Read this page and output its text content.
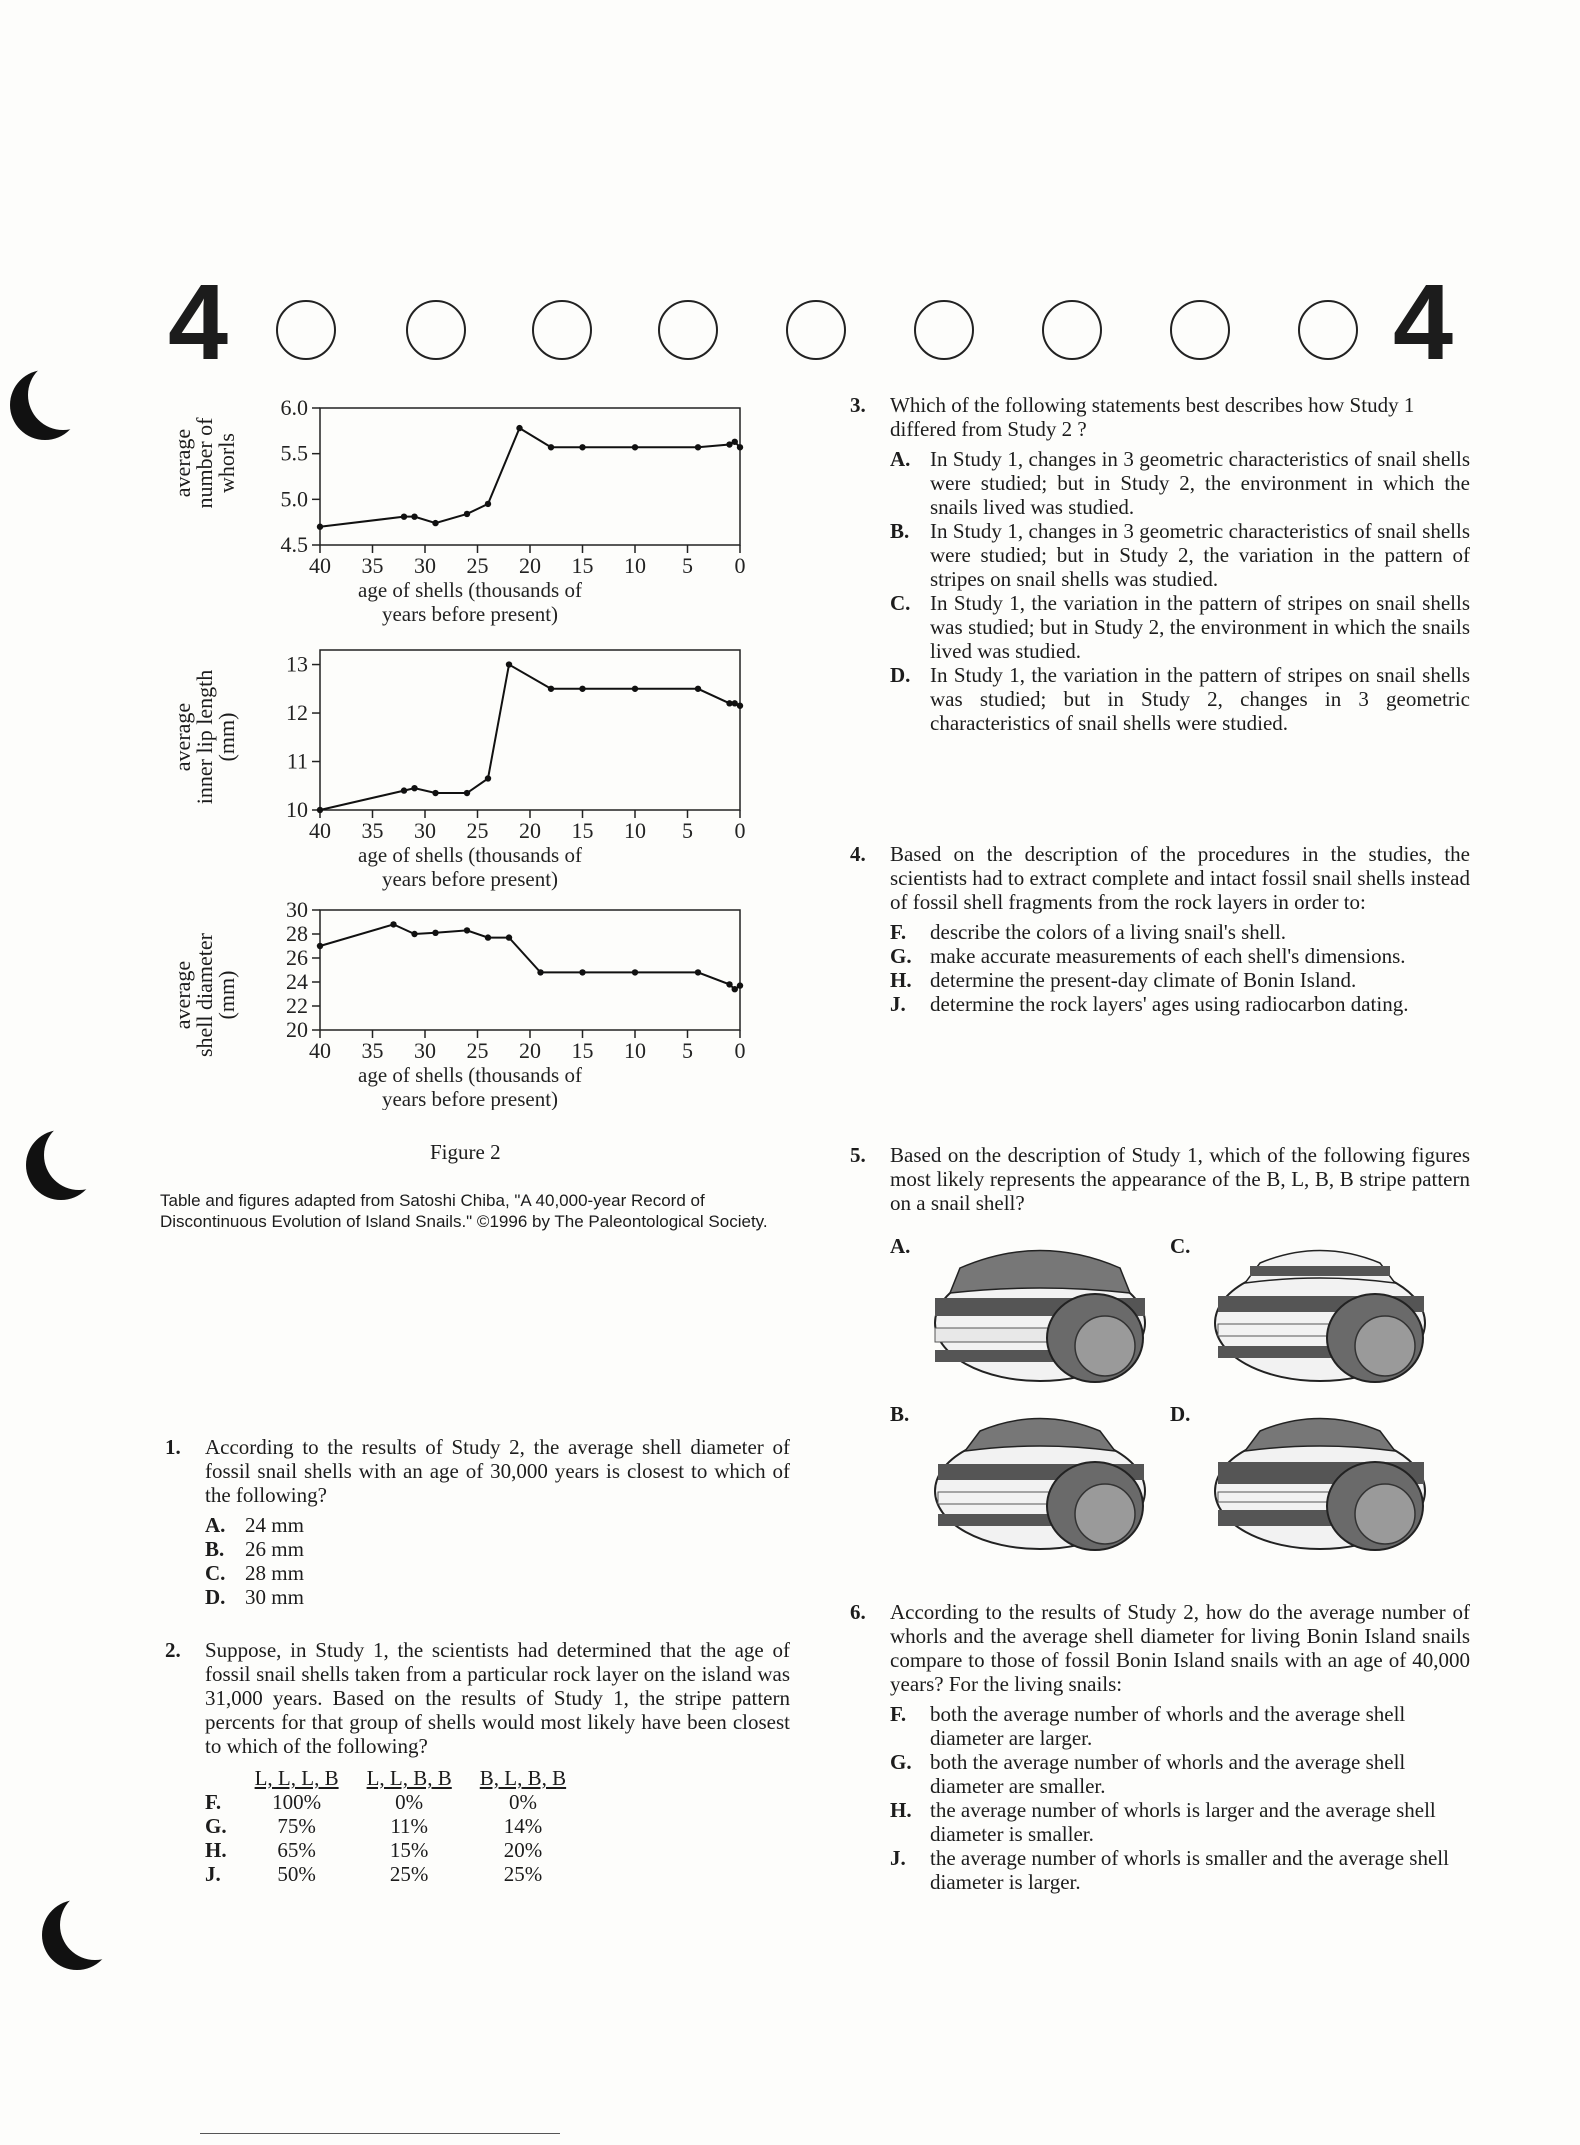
4	4
average
number of
whorls
average
inner lip length
(mm)
average
shell diameter
(mm)
6.0
5.5
5.0
4.5
40 35 30 25 20 15 10 5 0
age of shells (thousands of
years before present)
13
12
11
10
40 35 30 25 20 15 10 5 0
age of shells (thousands of
years before present)
30
28
26
24
22
20
40 35 30 25 20 15 10 5 0
age of shells (thousands of
years before present)
Figure 2
Table and figures adapted from Satoshi Chiba, "A 40,000-year Record of Discontinuous Evolution of Island Snails." ©1996 by The Paleontological Society.
1.	According to the results of Study 2, the average shell diameter of fossil snail shells with an age of 30,000 years is closest to which of the following?
A. 24 mm
B. 26 mm
C. 28 mm
D. 30 mm
2.	Suppose, in Study 1, the scientists had determined that the age of fossil snail shells taken from a particular rock layer on the island was 31,000 years. Based on the results of Study 1, the stripe pattern percents for that group of shells would most likely have been closest to which of the following?
	L, L, L, B	L, L, B, B	B, L, B, B
F.	100%	0%	0%
G.	75%	11%	14%
H.	65%	15%	20%
J.	50%	25%	25%
3.	Which of the following statements best describes how Study 1 differed from Study 2 ?
A. In Study 1, changes in 3 geometric characteristics of snail shells were studied; but in Study 2, the environment in which the snails lived was studied.
B. In Study 1, changes in 3 geometric characteristics of snail shells were studied; but in Study 2, the variation in the pattern of stripes on snail shells was studied.
C. In Study 1, the variation in the pattern of stripes on snail shells was studied; but in Study 2, the environment in which the snails lived was studied.
D. In Study 1, the variation in the pattern of stripes on snail shells was studied; but in Study 2, changes in 3 geometric characteristics of snail shells were studied.
4.	Based on the description of the procedures in the studies, the scientists had to extract complete and intact fossil snail shells instead of fossil shell fragments from the rock layers in order to:
F.	describe the colors of a living snail's shell.
G. make accurate measurements of each shell's dimensions.
H. determine the present-day climate of Bonin Island.
J.	determine the rock layers' ages using radiocarbon dating.
5.	Based on the description of Study 1, which of the following figures most likely represents the appearance of the B, L, B, B stripe pattern on a snail shell?
A.	C.
B.	D.
6.	According to the results of Study 2, how do the average number of whorls and the average shell diameter for living Bonin Island snails compare to those of fossil Bonin Island snails with an age of 40,000 years? For the living snails:
F.	both the average number of whorls and the average shell diameter are larger.
G. both the average number of whorls and the average shell diameter are smaller.
H. the average number of whorls is larger and the average shell diameter is smaller.
J.	the average number of whorls is smaller and the average shell diameter is larger.
